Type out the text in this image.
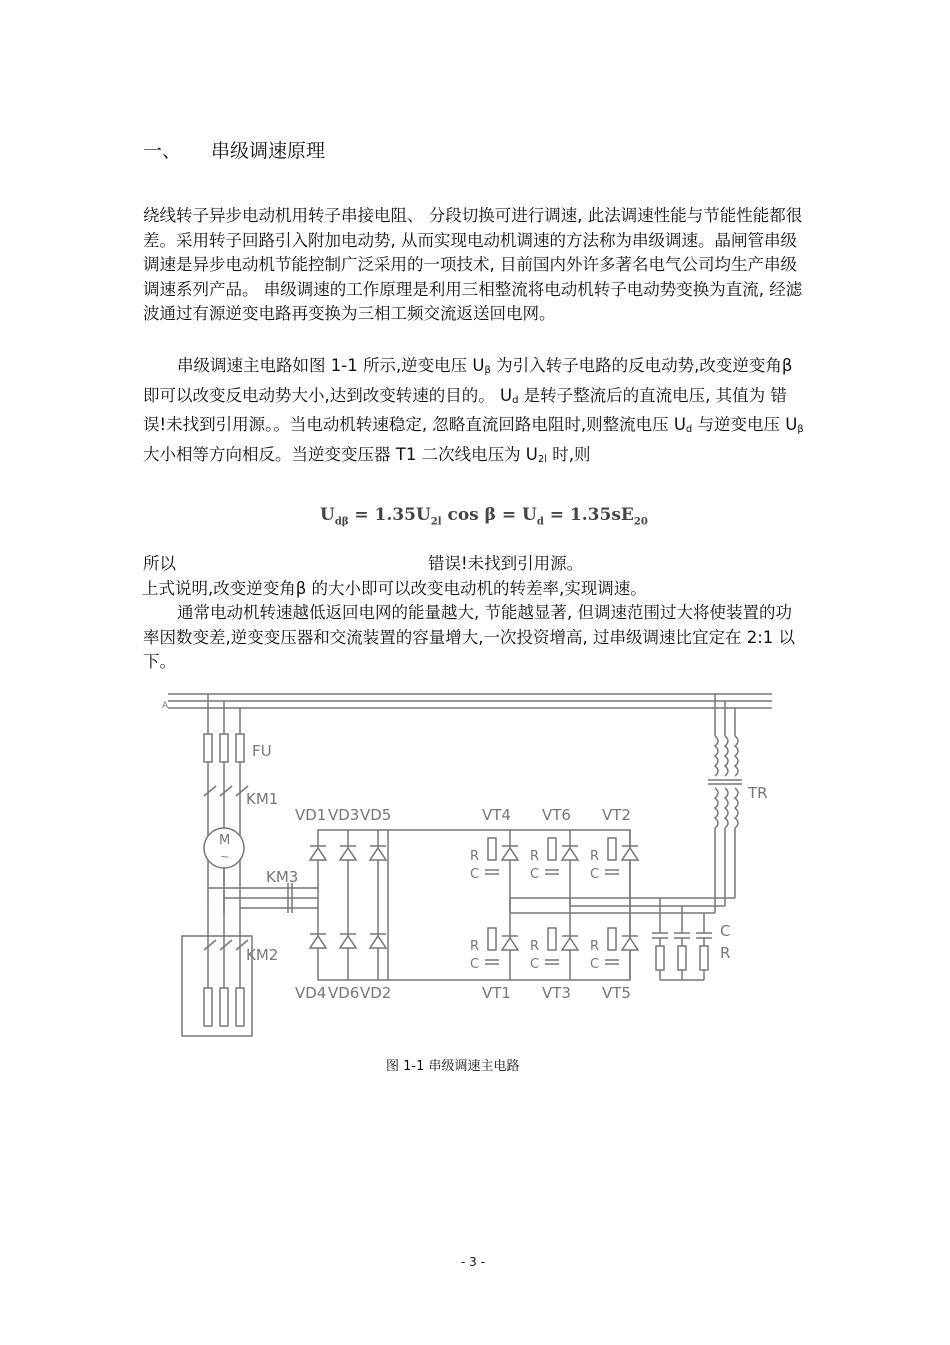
一、 串级调速原理

绕线转子异步电动机用转子串接电阻、 分段切换可进行调速, 此法调速性能与节能性能都很差。采用转子回路引入附加电动势, 从而实现电动机调速的方法称为串级调速。晶闸管串级调速是异步电动机节能控制广泛采用的一项技术, 目前国内外许多著名电气公司均生产串级调速系列产品。 串级调速的工作原理是利用三相整流将电动机转子电动势变换为直流, 经滤波通过有源逆变电路再变换为三相工频交流返送回电网。

串级调速主电路如图 1-1 所示,逆变电压 $U_\beta$ 为引入转子电路的反电动势,改变逆变角β 即可以改变反电动势大小,达到改变转速的目的。 $U_d$ 是转子整流后的直流电压, 其值为 错误!未找到引用源。。当电动机转速稳定, 忽略直流回路电阻时,则整流电压 $U_d$ 与逆变电压 $U_\beta$ 大小相等方向相反。当逆变变压器 T1 二次线电压为 $U_{2l}$ 时,则

$U_{d\beta} = 1.35U_{2l}$ $\cos \beta = U_d = 1.35sE_{20}$

所以	错误!未找到引用源。

上式说明,改变逆变角β 的大小即可以改变电动机的转差率,实现调速。

通常电动机转速越低返回电网的能量越大, 节能越显著, 但调速范围过大将使装置的功率因数变差,逆变变压器和交流装置的容量增大,一次投资增高, 过串级调速比宜定在 2:1 以下。

A
FU
KM1
M
~
KM3
KM2
TR
C
R
VD1 VD3 VD5
VD4 VD6 VD2
VT4 VT6 VT2
VT1 VT3 VT5
R
C
R
C
R
C
R
C
R
C
R
C
图 1-1 串级调速主电路
- 3 -
